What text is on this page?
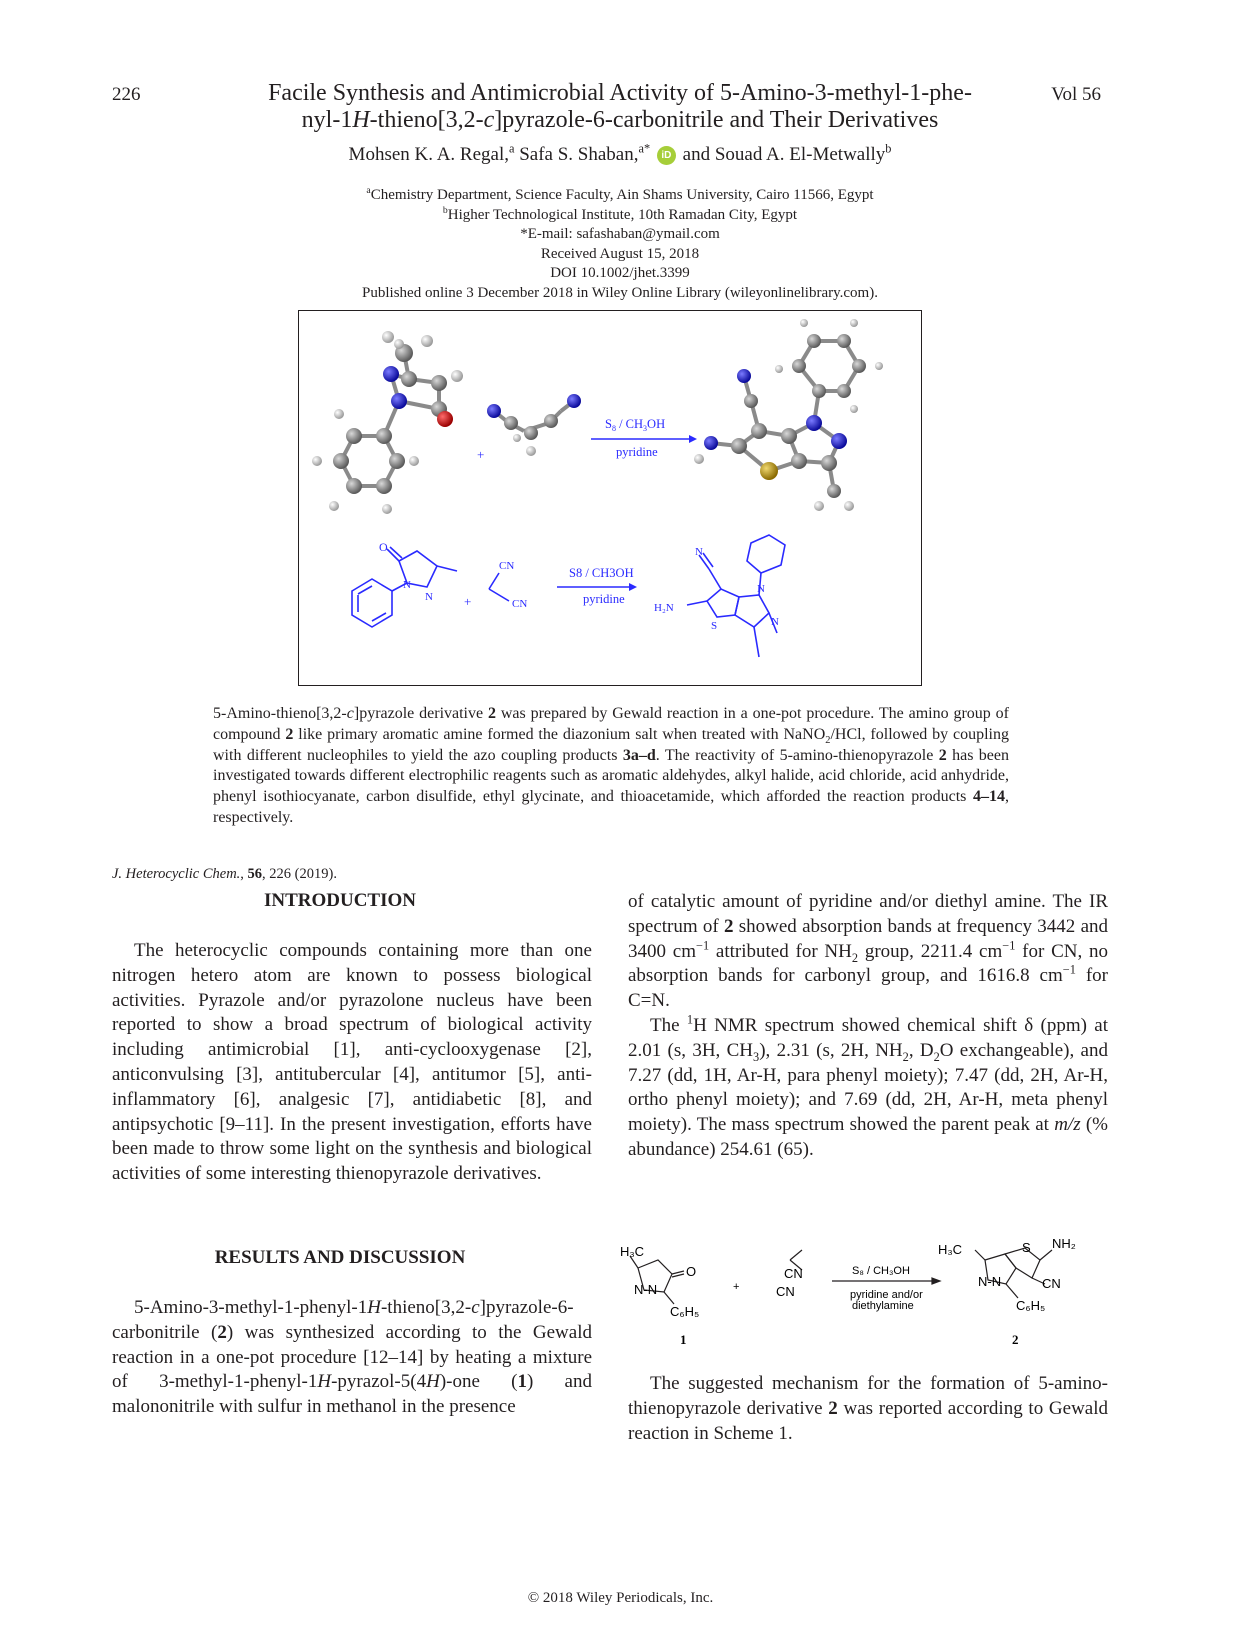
226	Vol 56
Facile Synthesis and Antimicrobial Activity of 5-Amino-3-methyl-1-phe-
nyl-1H-thieno[3,2-c]pyrazole-6-carbonitrile and Their Derivatives
Mohsen K. A. Regal,$^a$ Safa S. Shaban,$^{a*}$ iD and Souad A. El-Metwally$^b$
$^a$Chemistry Department, Science Faculty, Ain Shams University, Cairo 11566, Egypt
$^b$Higher Technological Institute, 10th Ramadan City, Egypt
*E-mail: safashaban@ymail.com
Received August 15, 2018
DOI 10.1002/jhet.3399
Published online 3 December 2018 in Wiley Online Library (wileyonlinelibrary.com).
+
$S_8 / CH_3OH$
pyridine
O
N
N +
CN
CN
S8 / CH3OH
pyridine
N
H₂N
S
N
N
5-Amino-thieno[3,2-c]pyrazole derivative 2 was prepared by Gewald reaction in a one-pot procedure. The amino group of compound 2 like primary aromatic amine formed the diazonium salt when treated with NaNO$_2$/HCl, followed by coupling with different nucleophiles to yield the azo coupling products 3a–d. The reactivity of 5-amino-thienopyrazole 2 has been investigated towards different electrophilic reagents such as aromatic aldehydes, alkyl halide, acid chloride, acid anhydride, phenyl isothiocyanate, carbon disulfide, ethyl glycinate, and thioacetamide, which afforded the reaction products 4–14, respectively.
J. Heterocyclic Chem., 56, 226 (2019).
INTRODUCTION

The heterocyclic compounds containing more than one nitrogen hetero atom are known to possess biological activities. Pyrazole and/or pyrazolone nucleus have been reported to show a broad spectrum of biological activity including antimicrobial [1], anti-cyclooxygenase [2], anticonvulsing [3], antitubercular [4], antitumor [5], anti-inflammatory [6], analgesic [7], antidiabetic [8], and antipsychotic [9–11]. In the present investigation, efforts have been made to throw some light on the synthesis and biological activities of some interesting thienopyrazole derivatives.

RESULTS AND DISCUSSION

5-Amino-3-methyl-1-phenyl-1H-thieno[3,2-c]pyrazole-6-carbonitrile (2) was synthesized according to the Gewald reaction in a one-pot procedure [12–14] by heating a mixture of 3-methyl-1-phenyl-1H-pyrazol-5(4H)-one (1) and malononitrile with sulfur in methanol in the presence

of catalytic amount of pyridine and/or diethyl amine. The IR spectrum of 2 showed absorption bands at frequency 3442 and 3400 $cm^{-1}$ attributed for $NH_2$ group, 2211.4 $cm^{-1}$ for CN, no absorption bands for carbonyl group, and 1616.8 $cm^{-1}$ for C=N.

The $^1$H NMR spectrum showed chemical shift δ (ppm) at 2.01 (s, 3H, $CH_3$), 2.31 (s, 2H, $NH_2$, $D_2O$ exchangeable), and 7.27 (dd, 1H, Ar-H, para phenyl moiety); 7.47 (dd, 2H, Ar-H, ortho phenyl moiety); and 7.69 (dd, 2H, Ar-H, meta phenyl moiety). The mass spectrum showed the parent peak at m/z (% abundance) 254.61 (65).

H₃C
O
N-N
C₆H₅
+
CN
CN
S₈ / CH₃OH
pyridine and/or
diethylamine
H₃C	S NH₂
CN
N-N
C₆H₅
1	2

The suggested mechanism for the formation of 5-amino-thienopyrazole derivative 2 was reported according to Gewald reaction in Scheme 1.

© 2018 Wiley Periodicals, Inc.
